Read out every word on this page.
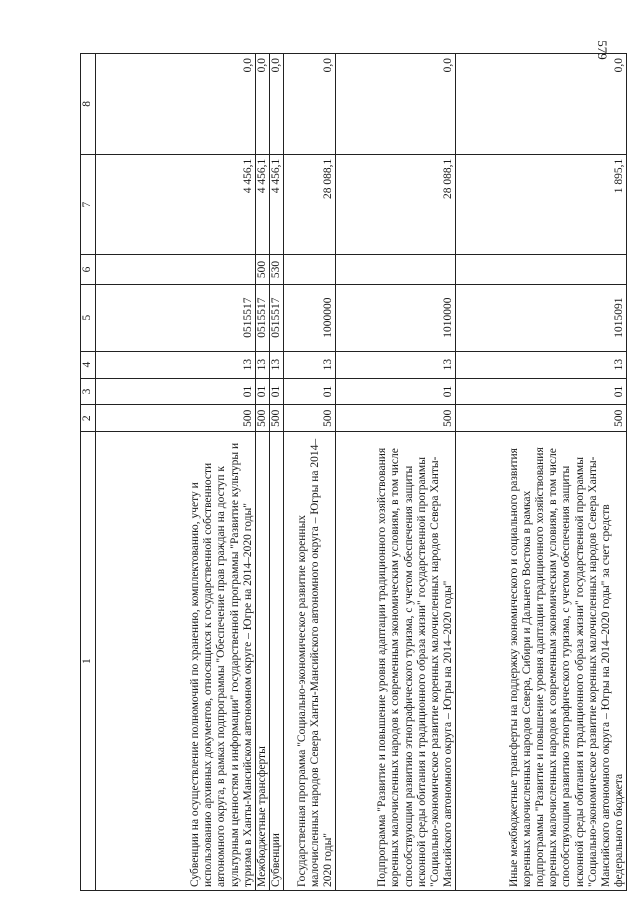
579
1	2	3	4	5	6	7	8
Субвенции на осуществление полномочий по хранению, комплектованию, учету и использованию архивных документов, относящихся к государственной собственности автономного округа, в рамках подпрограммы "Обеспечение прав граждан на доступ к культурным ценностям и информации" государственной программы "Развитие культуры и туризма в Ханты-Мансийском автономном округе – Югре на 2014–2020 годы"	500	01	13	0515517		4 456,1	0,0
Межбюджетные трансферты	500	01	13	0515517	500	4 456,1	0,0
Субвенции	500	01	13	0515517	530	4 456,1	0,0
Государственная программа "Социально-экономическое развитие коренных малочисленных народов Севера Ханты-Мансийского автономного округа – Югры на 2014–2020 годы"	500	01	13	1000000		28 088,1	0,0
Подпрограмма "Развитие и повышение уровня адаптации традиционного хозяйствования коренных малочисленных народов к современным экономическим условиям, в том числе способствующим развитию этнографического туризма, с учетом обеспечения защиты исконной среды обитания и традиционного образа жизни" государственной программы "Социально-экономическое развитие коренных малочисленных народов Севера Ханты-Мансийского автономного округа – Югры на 2014–2020 годы"	500	01	13	1010000		28 088,1	0,0
Иные межбюджетные трансферты на поддержку экономического и социального развития коренных малочисленных народов Севера, Сибири и Дальнего Востока в рамках подпрограммы "Развитие и повышение уровня адаптации традиционного хозяйствования коренных малочисленных народов к современным экономическим условиям, в том числе способствующим развитию этнографического туризма, с учетом обеспечения защиты исконной среды обитания и традиционного образа жизни" государственной программы "Социально-экономическое развитие коренных малочисленных народов Севера Ханты-Мансийского автономного округа – Югры на 2014–2020 годы" за счет средств федерального бюджета	500	01	13	1015091		1 895,1	0,0
